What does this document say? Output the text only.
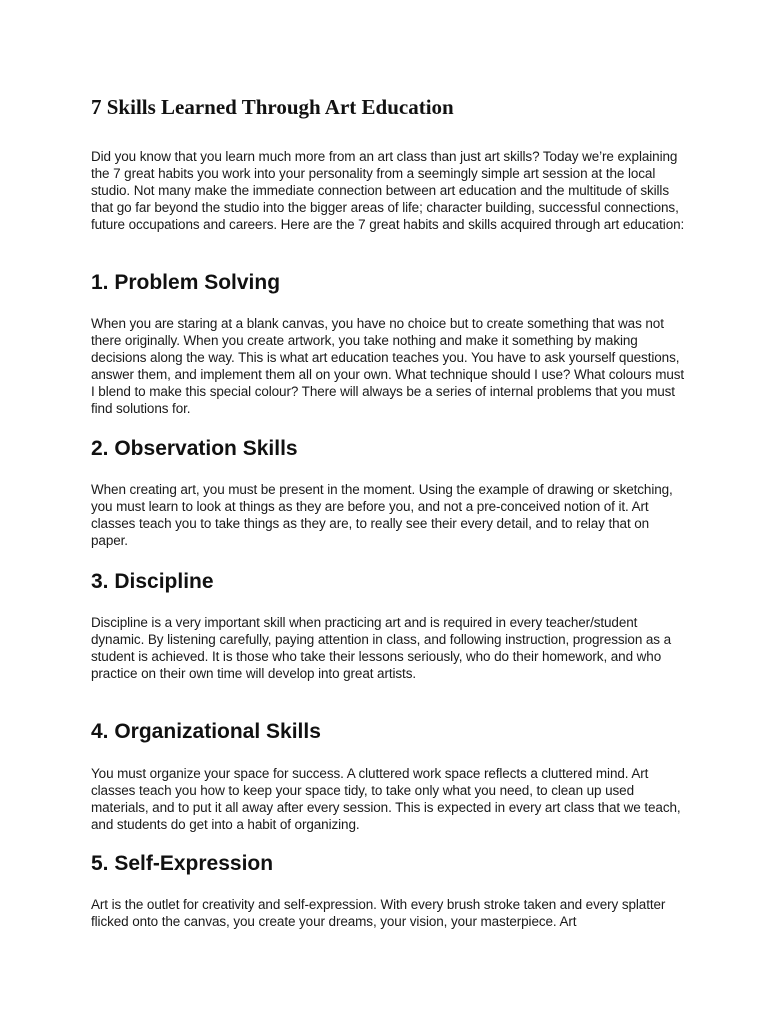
7 Skills Learned Through Art Education

Did you know that you learn much more from an art class than just art skills? Today we’re explaining the 7 great habits you work into your personality from a seemingly simple art session at the local studio. Not many make the immediate connection between art education and the multitude of skills that go far beyond the studio into the bigger areas of life; character building, successful connections, future occupations and careers. Here are the 7 great habits and skills acquired through art education:

1. Problem Solving

When you are staring at a blank canvas, you have no choice but to create something that was not there originally. When you create artwork, you take nothing and make it something by making decisions along the way. This is what art education teaches you. You have to ask yourself questions, answer them, and implement them all on your own. What technique should I use? What colours must I blend to make this special colour? There will always be a series of internal problems that you must find solutions for.

2. Observation Skills

When creating art, you must be present in the moment. Using the example of drawing or sketching, you must learn to look at things as they are before you, and not a pre-conceived notion of it. Art classes teach you to take things as they are, to really see their every detail, and to relay that on paper.

3. Discipline

Discipline is a very important skill when practicing art and is required in every teacher/student dynamic. By listening carefully, paying attention in class, and following instruction, progression as a student is achieved. It is those who take their lessons seriously, who do their homework, and who practice on their own time will develop into great artists.

4. Organizational Skills

You must organize your space for success. A cluttered work space reflects a cluttered mind. Art classes teach you how to keep your space tidy, to take only what you need, to clean up used materials, and to put it all away after every session. This is expected in every art class that we teach, and students do get into a habit of organizing.

5. Self-Expression

Art is the outlet for creativity and self-expression. With every brush stroke taken and every splatter flicked onto the canvas, you create your dreams, your vision, your masterpiece. Art
